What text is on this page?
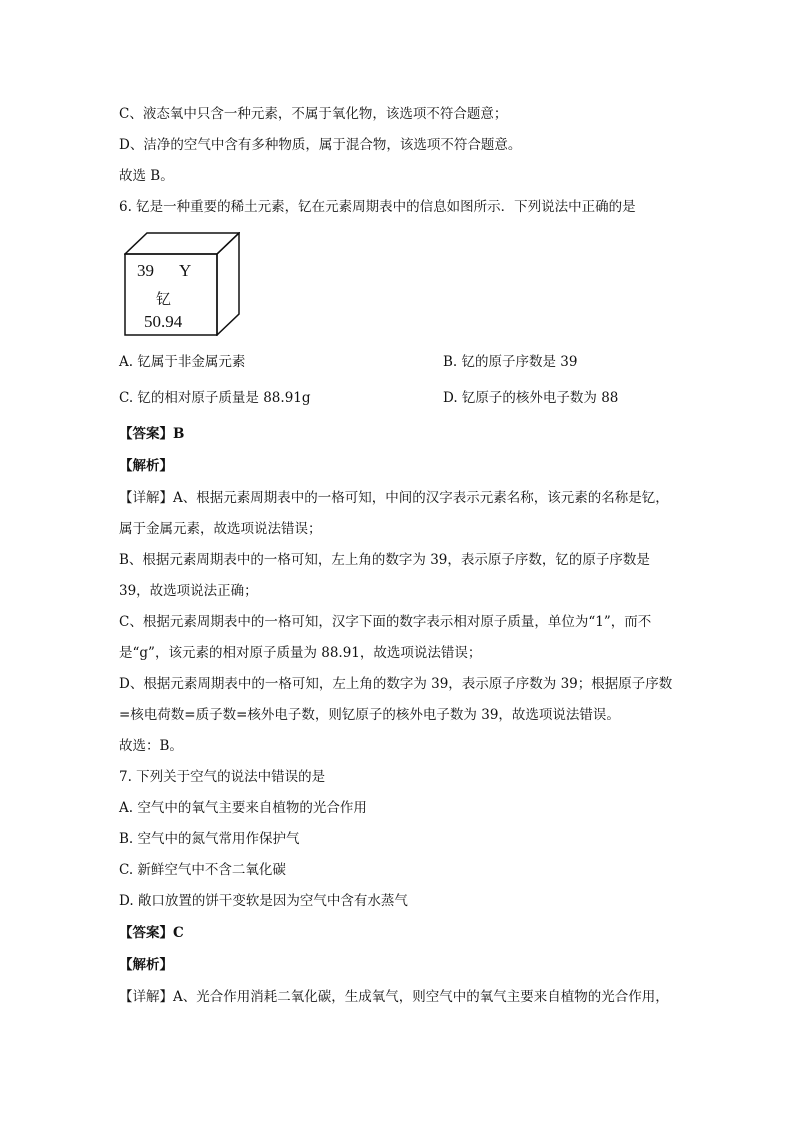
C、液态氧中只含一种元素，不属于氧化物，该选项不符合题意；
D、洁净的空气中含有多种物质，属于混合物，该选项不符合题意。
故选 B。
6. 钇是一种重要的稀土元素，钇在元素周期表中的信息如图所示．下列说法中正确的是
39 Y
钇
50.94
A. 钇属于非金属元素	B. 钇的原子序数是 39
C. 钇的相对原子质量是 88.91g	D. 钇原子的核外电子数为 88
【答案】B
【解析】
【详解】A、根据元素周期表中的一格可知，中间的汉字表示元素名称，该元素的名称是钇，
属于金属元素，故选项说法错误；
B、根据元素周期表中的一格可知，左上角的数字为 39，表示原子序数，钇的原子序数是
39，故选项说法正确；
C、根据元素周期表中的一格可知，汉字下面的数字表示相对原子质量，单位为“1”，而不
是“g”，该元素的相对原子质量为 88.91，故选项说法错误；
D、根据元素周期表中的一格可知，左上角的数字为 39，表示原子序数为 39；根据原子序数
=核电荷数=质子数=核外电子数，则钇原子的核外电子数为 39，故选项说法错误。
故选：B。
7. 下列关于空气的说法中错误的是
A. 空气中的氧气主要来自植物的光合作用
B. 空气中的氮气常用作保护气
C. 新鲜空气中不含二氧化碳
D. 敞口放置的饼干变软是因为空气中含有水蒸气
【答案】C
【解析】
【详解】A、光合作用消耗二氧化碳，生成氧气，则空气中的氧气主要来自植物的光合作用，
